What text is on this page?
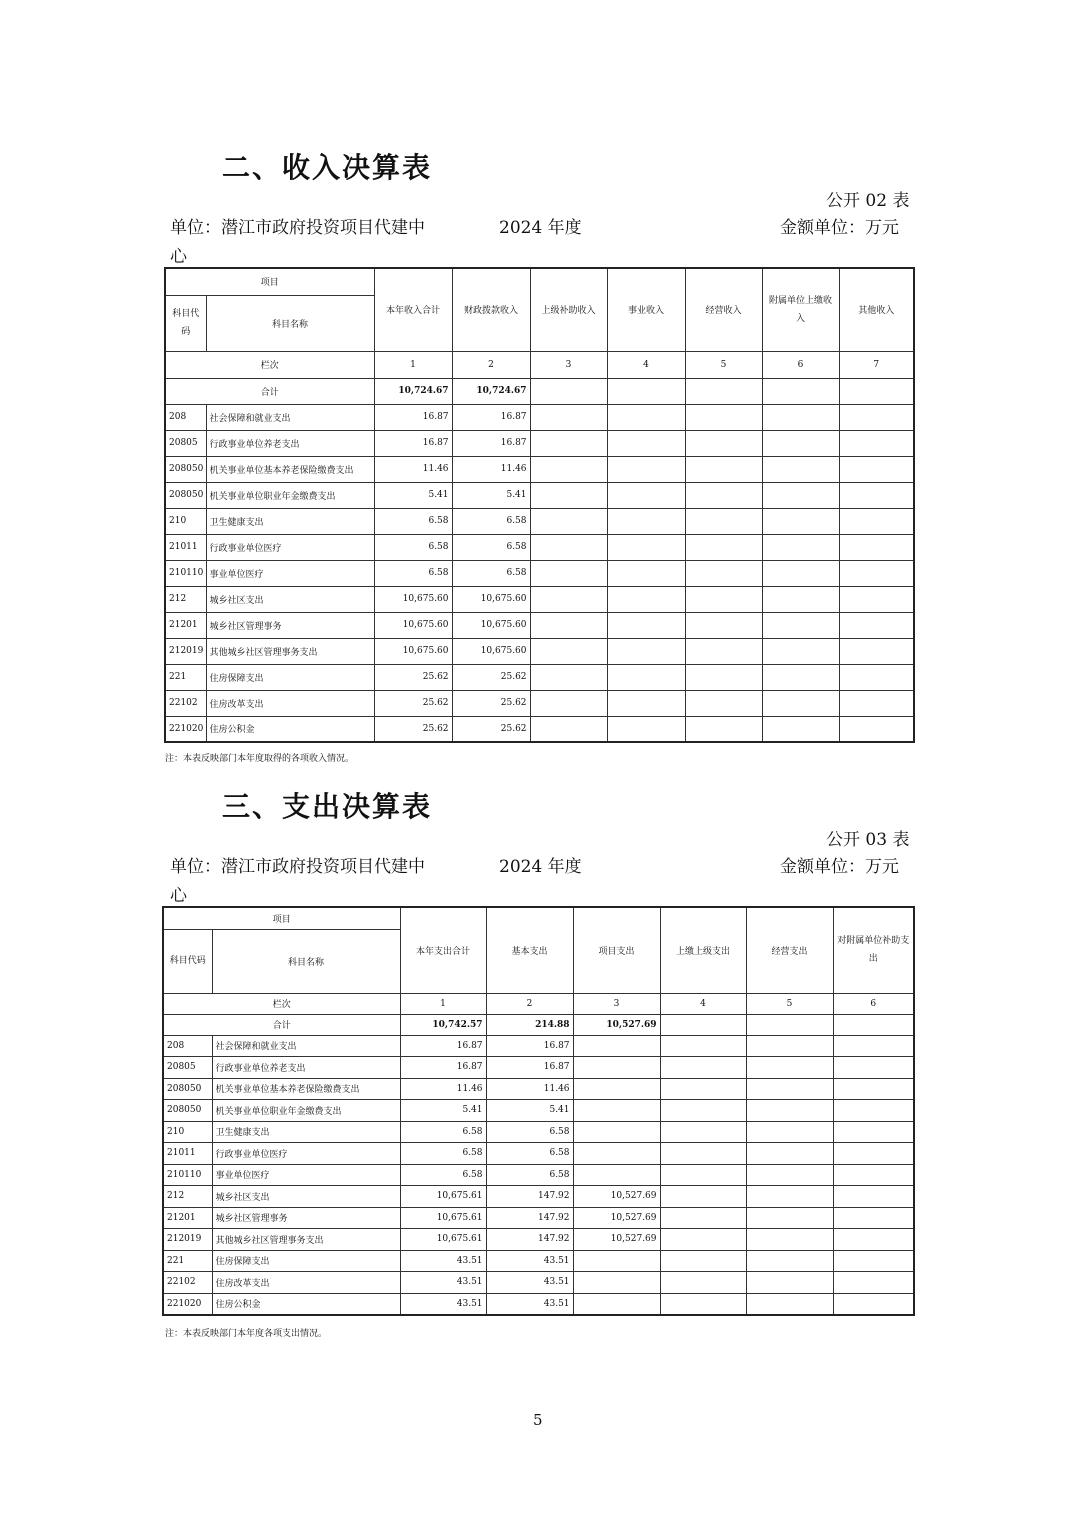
二、收入决算表
公开 02 表
单位：潜江市政府投资项目代建中	2024 年度	金额单位：万元
心
项目		本年收入合计	财政拨款收入	上级补助收入	事业收入	经营收入	附属单位上缴收入	其他收入
科目代码	科目名称							
栏次		1	2	3	4	5	6	7
合计		10,724.67	10,724.67					
208	社会保障和就业支出	16.87	16.87					
20805	行政事业单位养老支出	16.87	16.87					
208050	机关事业单位基本养老保险缴费支出	11.46	11.46					
208050	机关事业单位职业年金缴费支出	5.41	5.41					
210	卫生健康支出	6.58	6.58					
21011	行政事业单位医疗	6.58	6.58					
210110	事业单位医疗	6.58	6.58					
212	城乡社区支出	10,675.60	10,675.60					
21201	城乡社区管理事务	10,675.60	10,675.60					
212019	其他城乡社区管理事务支出	10,675.60	10,675.60					
221	住房保障支出	25.62	25.62					
22102	住房改革支出	25.62	25.62					
221020	住房公积金	25.62	25.62					
注：本表反映部门本年度取得的各项收入情况。
三、支出决算表
公开 03 表
单位：潜江市政府投资项目代建中	2024 年度	金额单位：万元
心
项目		本年支出合计	基本支出	项目支出	上缴上级支出	经营支出	对附属单位补助支出
科目代码	科目名称						
栏次		1	2	3	4	5	6
合计		10,742.57	214.88	10,527.69			
208	社会保障和就业支出	16.87	16.87				
20805	行政事业单位养老支出	16.87	16.87				
208050	机关事业单位基本养老保险缴费支出	11.46	11.46				
208050	机关事业单位职业年金缴费支出	5.41	5.41				
210	卫生健康支出	6.58	6.58				
21011	行政事业单位医疗	6.58	6.58				
210110	事业单位医疗	6.58	6.58				
212	城乡社区支出	10,675.61	147.92	10,527.69			
21201	城乡社区管理事务	10,675.61	147.92	10,527.69			
212019	其他城乡社区管理事务支出	10,675.61	147.92	10,527.69			
221	住房保障支出	43.51	43.51				
22102	住房改革支出	43.51	43.51				
221020	住房公积金	43.51	43.51				
注：本表反映部门本年度各项支出情况。
5
